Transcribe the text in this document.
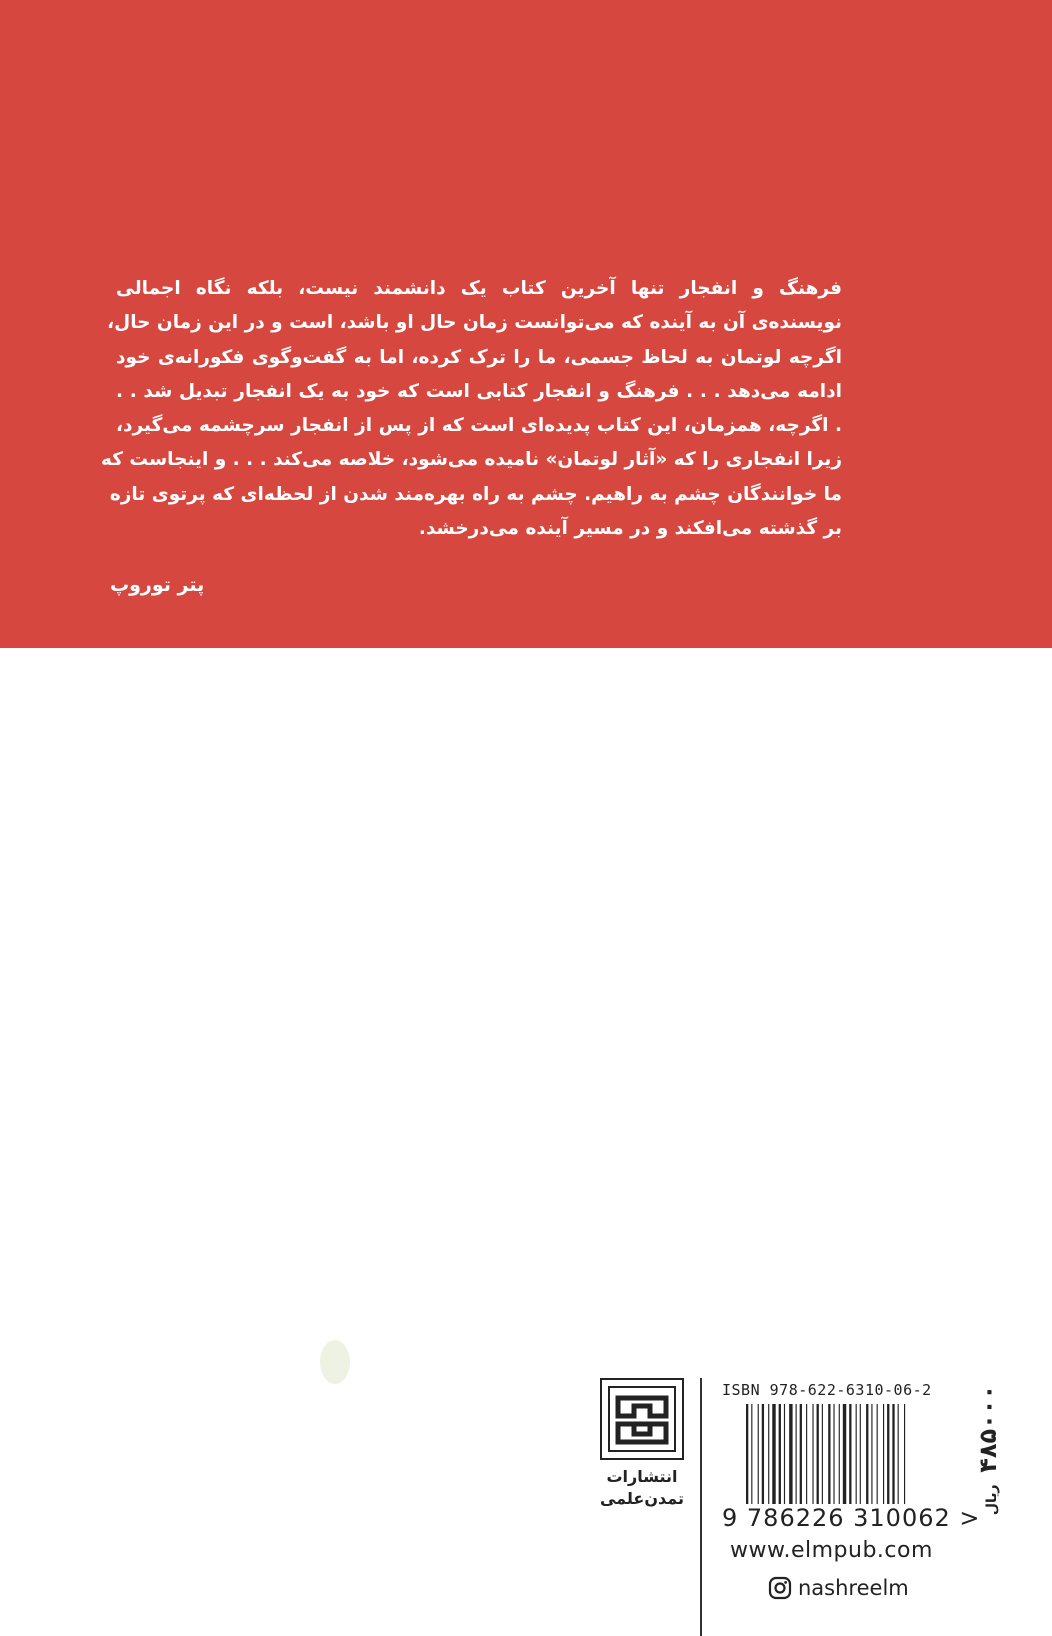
فرهنگ و انفجار تنها آخرین کتاب یک دانشمند نیست، بلکه نگاه اجمالی
نویسنده‌ی آن به آینده که می‌توانست زمان حال او باشد، است و در این زمان حال،
اگرچه لوتمان به لحاظ جسمی، ما را ترک کرده، اما به گفت‌وگوی فکورانه‌ی خود
ادامه می‌دهد . . . فرهنگ و انفجار کتابی است که خود به یک انفجار تبدیل شد . .
. اگرچه، همزمان، این کتاب پدیده‌ای است که از پس از انفجار سرچشمه می‌گیرد،
زیرا انفجاری را که «آثار لوتمان» نامیده می‌شود، خلاصه می‌کند . . . و اینجاست که
ما خوانندگان چشم به راهیم. چشم به راه بهره‌مند شدن از لحظه‌ای که پرتوی تازه
بر گذشته می‌افکند و در مسیر آینده می‌درخشد.
پتر توروپ
انتشارات
تمدن‌علمی
ISBN 978-622-6310-06-2
9 786226 310062 >
۴۸۵۰۰۰ ریال
www.elmpub.com
nashreelm
